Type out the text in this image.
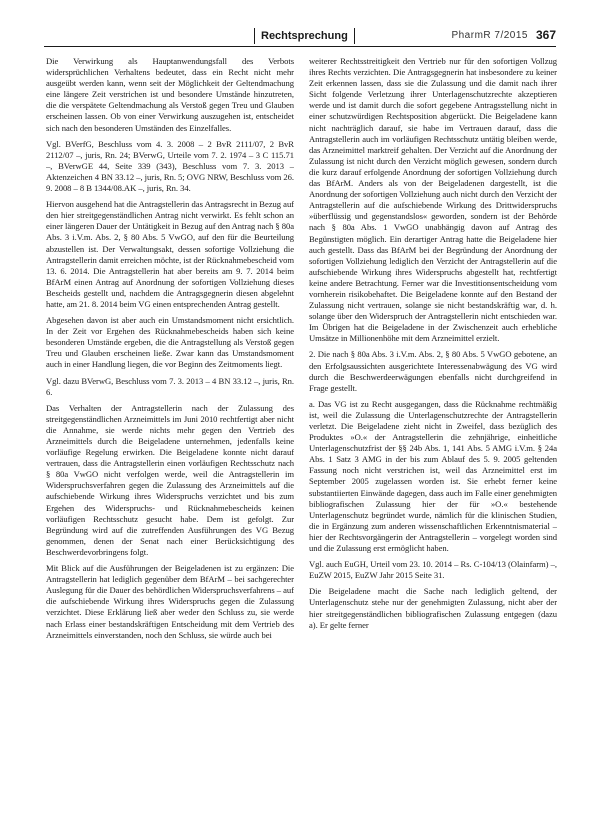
Rechtsprechung	PharmR 7/2015 367

Die Verwirkung als Hauptanwendungsfall des Verbots widersprüchlichen Verhaltens bedeutet, dass ein Recht nicht mehr ausgeübt werden kann, wenn seit der Möglichkeit der Geltendmachung eine längere Zeit verstrichen ist und besondere Umstände hinzutreten, die die verspätete Geltendmachung als Verstoß gegen Treu und Glauben erscheinen lassen. Ob von einer Verwirkung auszugehen ist, entscheidet sich nach den besonderen Umständen des Einzelfalles.

Vgl. BVerfG, Beschluss vom 4. 3. 2008 – 2 BvR 2111/07, 2 BvR 2112/07 –, juris, Rn. 24; BVerwG, Urteile vom 7. 2. 1974 – 3 C 115.71 –, BVerwGE 44, Seite 339 (343), Beschluss vom 7. 3. 2013 – Aktenzeichen 4 BN 33.12 –, juris, Rn. 5; OVG NRW, Beschluss vom 26. 9. 2008 – 8 B 1344/08.AK –, juris, Rn. 34.

Hiervon ausgehend hat die Antragstellerin das Antragsrecht in Bezug auf den hier streitgegenständlichen Antrag nicht verwirkt. Es fehlt schon an einer längeren Dauer der Untätigkeit in Bezug auf den Antrag nach § 80a Abs. 3 i.V.m. Abs. 2, § 80 Abs. 5 VwGO, auf den für die Beurteilung abzustellen ist. Der Verwaltungsakt, dessen sofortige Vollziehung die Antragstellerin damit erreichen möchte, ist der Rücknahmebescheid vom 13. 6. 2014. Die Antragstellerin hat aber bereits am 9. 7. 2014 beim BfArM einen Antrag auf Anordnung der sofortigen Vollziehung dieses Bescheids gestellt und, nachdem die Antragsgegnerin diesen abgelehnt hatte, am 21. 8. 2014 beim VG einen entsprechenden Antrag gestellt.

Abgesehen davon ist aber auch ein Umstandsmoment nicht ersichtlich. In der Zeit vor Ergehen des Rücknahmebescheids haben sich keine besonderen Umstände ergeben, die die Antragstellung als Verstoß gegen Treu und Glauben erscheinen ließe. Zwar kann das Umstandsmoment auch in einer Handlung liegen, die vor Beginn des Zeitmoments liegt.

Vgl. dazu BVerwG, Beschluss vom 7. 3. 2013 – 4 BN 33.12 –, juris, Rn. 6.

Das Verhalten der Antragstellerin nach der Zulassung des streitgegenständlichen Arzneimittels im Juni 2010 rechtfertigt aber nicht die Annahme, sie werde nichts mehr gegen den Vertrieb des Arzneimittels durch die Beigeladene unternehmen, jedenfalls keine vorläufige Regelung erwirken. Die Beigeladene konnte nicht darauf vertrauen, dass die Antragstellerin einen vorläufigen Rechtsschutz nach § 80a VwGO nicht verfolgen werde, weil die Antragstellerin im Widerspruchsverfahren gegen die Zulassung des Arzneimittels auf die aufschiebende Wirkung ihres Widerspruchs verzichtet und bis zum Ergehen des Widerspruchs- und Rücknahmebescheids keinen vorläufigen Rechtsschutz gesucht habe. Dem ist gefolgt. Zur Begründung wird auf die zutreffenden Ausführungen des VG Bezug genommen, denen der Senat nach einer Berücksichtigung des Beschwerdevorbringens folgt.

Mit Blick auf die Ausführungen der Beigeladenen ist zu ergänzen: Die Antragstellerin hat lediglich gegenüber dem BfArM – bei sachgerechter Auslegung für die Dauer des behördlichen Widerspruchsverfahrens – auf die aufschiebende Wirkung ihres Widerspruchs gegen die Zulassung verzichtet. Diese Erklärung ließ aber weder den Schluss zu, sie werde nach Erlass einer bestandskräftigen Entscheidung mit dem Vertrieb des Arzneimittels einverstanden, noch den Schluss, sie würde auch bei

weiterer Rechtsstreitigkeit den Vertrieb nur für den sofortigen Vollzug ihres Rechts verzichten. Die Antragsgegnerin hat insbesondere zu keiner Zeit erkennen lassen, dass sie die Zulassung und die damit nach ihrer Sicht folgende Verletzung ihrer Unterlagenschutzrechte akzeptieren werde und ist damit durch die sofort gegebene Antragsstellung nicht in einer schutzwürdigen Rechtsposition abgerückt. Die Beigeladene kann nicht nachträglich darauf, sie habe im Vertrauen darauf, dass die Antragstellerin auch im vorläufigen Rechtsschutz untätig bleiben werde, das Arzneimittel marktreif gehalten. Der Verzicht auf die Anordnung der Zulassung ist nicht durch den Verzicht möglich gewesen, sondern durch die kurz darauf erfolgende Anordnung der sofortigen Vollziehung durch das BfArM. Anders als von der Beigeladenen dargestellt, ist die Anordnung der sofortigen Vollziehung auch nicht durch den Verzicht der Antragstellerin auf die aufschiebende Wirkung des Drittwiderspruchs »überflüssig und gegenstandslos« geworden, sondern ist der Behörde nach § 80a Abs. 1 VwGO unabhängig davon auf Antrag des Begünstigten möglich. Ein derartiger Antrag hatte die Beigeladene hier auch gestellt. Dass das BfArM bei der Begründung der Anordnung der sofortigen Vollziehung lediglich den Verzicht der Antragstellerin auf die aufschiebende Wirkung ihres Widerspruchs abgestellt hat, rechtfertigt keine andere Betrachtung. Ferner war die Investitionsentscheidung vom vornherein risikobehaftet. Die Beigeladene konnte auf den Bestand der Zulassung nicht vertrauen, solange sie nicht bestandskräftig war, d. h. solange über den Widerspruch der Antragstellerin nicht entschieden war. Im Übrigen hat die Beigeladene in der Zwischenzeit auch erhebliche Umsätze in Millionenhöhe mit dem Arzneimittel erzielt.

2. Die nach § 80a Abs. 3 i.V.m. Abs. 2, § 80 Abs. 5 VwGO gebotene, an den Erfolgsaussichten ausgerichtete Interessenabwägung des VG wird durch die Beschwerdeerwägungen ebenfalls nicht durchgreifend in Frage gestellt.

a. Das VG ist zu Recht ausgegangen, dass die Rücknahme rechtmäßig ist, weil die Zulassung die Unterlagenschutzrechte der Antragstellerin verletzt. Die Beigeladene zieht nicht in Zweifel, dass bezüglich des Produktes »O.« der Antragstellerin die zehnjährige, einheitliche Unterlagenschutzfrist der §§ 24b Abs. 1, 141 Abs. 5 AMG i.V.m. § 24a Abs. 1 Satz 3 AMG in der bis zum Ablauf des 5. 9. 2005 geltenden Fassung noch nicht verstrichen ist, weil das Arzneimittel erst im September 2005 zugelassen worden ist. Sie erhebt ferner keine substantiierten Einwände dagegen, dass auch im Falle einer genehmigten bibliografischen Zulassung hier der für »O.« bestehende Unterlagenschutz begründet wurde, nämlich für die klinischen Studien, die in Ergänzung zum anderen wissenschaftlichen Erkenntnismaterial – hier der Rechtsvorgängerin der Antragstellerin – vorgelegt worden sind und die Zulassung erst ermöglicht haben.

Vgl. auch EuGH, Urteil vom 23. 10. 2014 – Rs. C-104/13 (Olainfarm) –, EuZW 2015, EuZW Jahr 2015 Seite 31.

Die Beigeladene macht die Sache nach lediglich geltend, der Unterlagenschutz stehe nur der genehmigten Zulassung, nicht aber der hier streitgegenständlichen bibliografischen Zulassung entgegen (dazu a). Er gelte ferner
